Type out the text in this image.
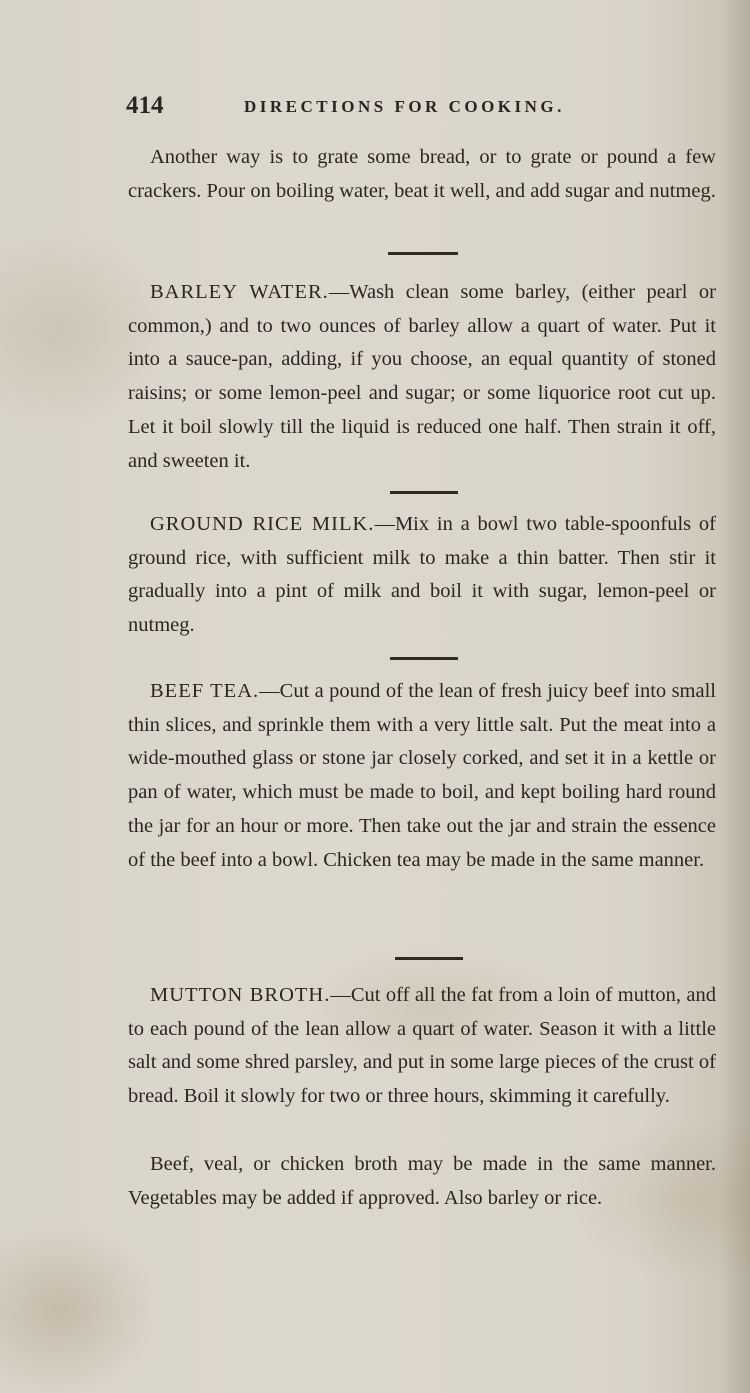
414	DIRECTIONS FOR COOKING.

Another way is to grate some bread, or to grate or pound a few crackers. Pour on boiling water, beat it well, and add sugar and nutmeg.

BARLEY WATER.—Wash clean some barley, (either pearl or common,) and to two ounces of barley allow a quart of water. Put it into a sauce-pan, adding, if you choose, an equal quantity of stoned raisins; or some lemon-peel and sugar; or some liquorice root cut up. Let it boil slowly till the liquid is reduced one half. Then strain it off, and sweeten it.

GROUND RICE MILK.—Mix in a bowl two table-spoonfuls of ground rice, with sufficient milk to make a thin batter. Then stir it gradually into a pint of milk and boil it with sugar, lemon-peel or nutmeg.

BEEF TEA.—Cut a pound of the lean of fresh juicy beef into small thin slices, and sprinkle them with a very little salt. Put the meat into a wide-mouthed glass or stone jar closely corked, and set it in a kettle or pan of water, which must be made to boil, and kept boiling hard round the jar for an hour or more. Then take out the jar and strain the essence of the beef into a bowl. Chicken tea may be made in the same manner.

MUTTON BROTH.—Cut off all the fat from a loin of mutton, and to each pound of the lean allow a quart of water. Season it with a little salt and some shred parsley, and put in some large pieces of the crust of bread. Boil it slowly for two or three hours, skimming it carefully.

Beef, veal, or chicken broth may be made in the same manner. Vegetables may be added if approved. Also barley or rice.
